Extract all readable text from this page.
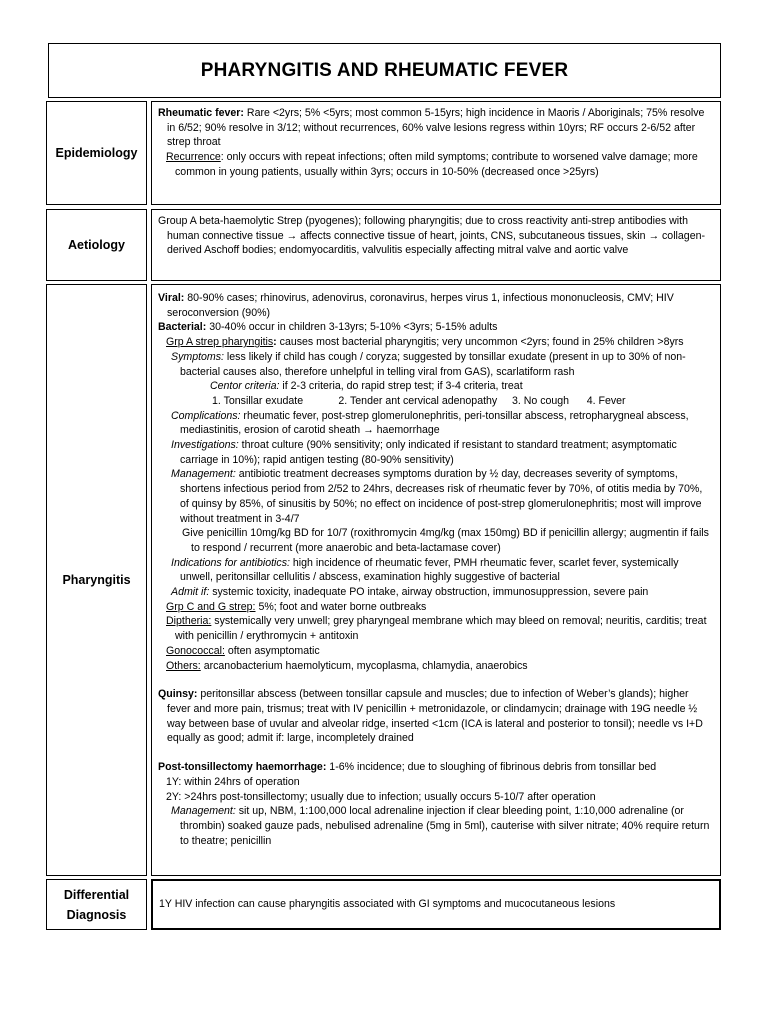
PHARYNGITIS AND RHEUMATIC FEVER
Epidemiology

Rheumatic fever: Rare <2yrs; 5% <5yrs; most common 5-15yrs; high incidence in Maoris / Aboriginals; 75% resolve in 6/52; 90% resolve in 3/12; without recurrences, 60% valve lesions regress within 10yrs; RF occurs 2-6/52 after strep throat

Recurrence: only occurs with repeat infections; often mild symptoms; contribute to worsened valve damage; more common in young patients, usually within 3yrs; occurs in 10-50% (decreased once >25yrs)

Aetiology

Group A beta-haemolytic Strep (pyogenes); following pharyngitis; due to cross reactivity anti-strep antibodies with human connective tissue → affects connective tissue of heart, joints, CNS, subcutaneous tissues, skin → collagen-derived Aschoff bodies; endomyocarditis, valvulitis especially affecting mitral valve and aortic valve

Pharyngitis

Viral: 80-90% cases; rhinovirus, adenovirus, coronavirus, herpes virus 1, infectious mononucleosis, CMV; HIV seroconversion (90%)

Bacterial: 30-40% occur in children 3-13yrs; 5-10% <3yrs; 5-15% adults

Grp A strep pharyngitis: causes most bacterial pharyngitis; very uncommon <2yrs; found in 25% children >8yrs

Symptoms: less likely if child has cough / coryza; suggested by tonsillar exudate (present in up to 30% of non-bacterial causes also, therefore unhelpful in telling viral from GAS), scarlatiform rash

Centor criteria: if 2-3 criteria, do rapid strep test; if 3-4 criteria, treat

1. Tonsillar exudate            2. Tender ant cervical adenopathy     3. No cough      4. Fever

Complications: rheumatic fever, post-strep glomerulonephritis, peri-tonsillar abscess, retropharygneal abscess, mediastinitis, erosion of carotid sheath → haemorrhage

Investigations: throat culture (90% sensitivity; only indicated if resistant to standard treatment; asymptomatic carriage in 10%); rapid antigen testing (80-90% sensitivity)

Management: antibiotic treatment decreases symptoms duration by ½ day, decreases severity of symptoms, shortens infectious period from 2/52 to 24hrs, decreases risk of rheumatic fever by 70%, of otitis media by 70%, of quinsy by 85%, of sinusitis by 50%; no effect on incidence of post-strep glomerulonephritis; most will improve without treatment in 3-4/7

Give penicillin 10mg/kg BD for 10/7 (roxithromycin 4mg/kg (max 150mg) BD if penicillin allergy; augmentin if fails to respond / recurrent (more anaerobic and beta-lactamase cover)

Indications for antibiotics: high incidence of rheumatic fever, PMH rheumatic fever, scarlet fever, systemically unwell, peritonsillar cellulitis / abscess, examination highly suggestive of bacterial

Admit if: systemic toxicity, inadequate PO intake, airway obstruction, immunosuppression, severe pain

Grp C and G strep: 5%; foot and water borne outbreaks

Diptheria: systemically very unwell; grey pharyngeal membrane which may bleed on removal; neuritis, carditis; treat with penicillin / erythromycin + antitoxin

Gonococcal: often asymptomatic

Others: arcanobacterium haemolyticum, mycoplasma, chlamydia, anaerobics

Quinsy: peritonsillar abscess (between tonsillar capsule and muscles; due to infection of Weber’s glands); higher fever and more pain, trismus; treat with IV penicillin + metronidazole, or clindamycin; drainage with 19G needle ½ way between base of uvular and alveolar ridge, inserted <1cm (ICA is lateral and posterior to tonsil); needle vs I+D equally as good; admit if: large, incompletely drained

Post-tonsillectomy haemorrhage: 1-6% incidence; due to sloughing of fibrinous debris from tonsillar bed

1Y: within 24hrs of operation

2Y: >24hrs post-tonsillectomy; usually due to infection; usually occurs 5-10/7 after operation

Management: sit up, NBM, 1:100,000 local adrenaline injection if clear bleeding point, 1:10,000 adrenaline (or thrombin) soaked gauze pads, nebulised adrenaline (5mg in 5ml), cauterise with silver nitrate; 40% require return to theatre; penicillin

Differential
Diagnosis

1Y HIV infection can cause pharyngitis associated with GI symptoms and mucocutaneous lesions
